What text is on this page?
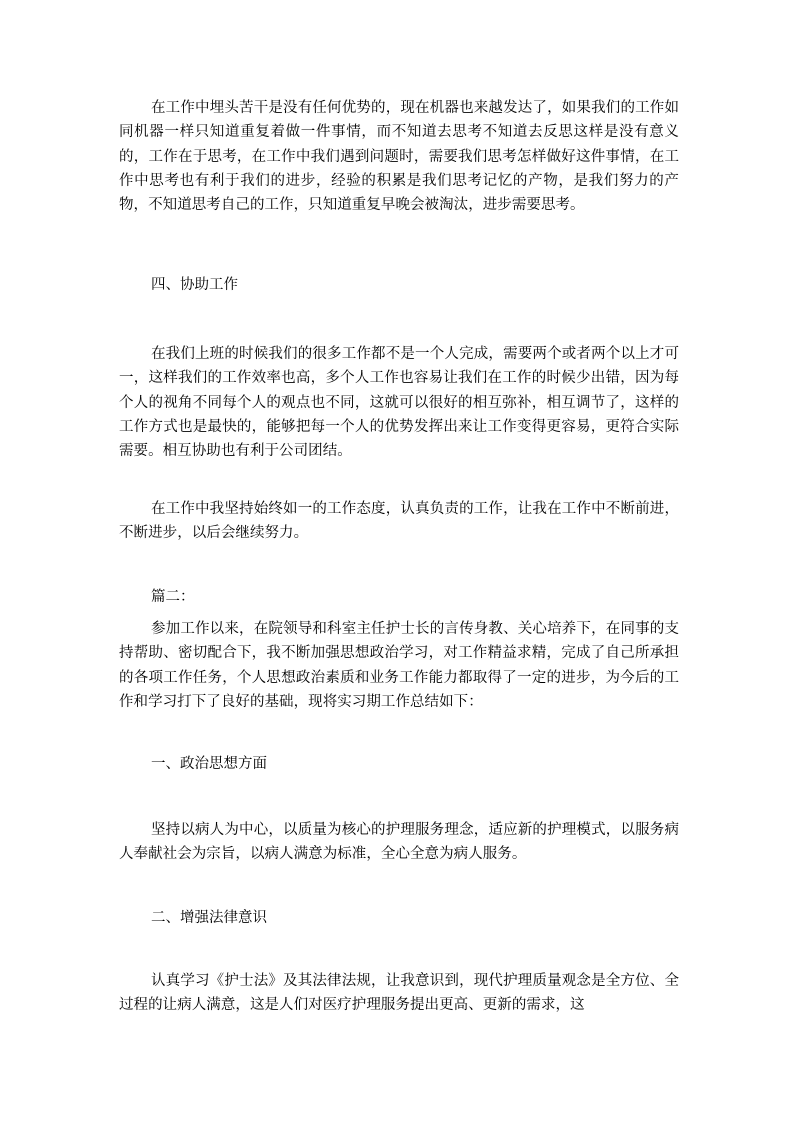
在工作中埋头苦干是没有任何优势的，现在机器也来越发达了，如果我们的工作如同机器一样只知道重复着做一件事情，而不知道去思考不知道去反思这样是没有意义的，工作在于思考，在工作中我们遇到问题时，需要我们思考怎样做好这件事情，在工作中思考也有利于我们的进步，经验的积累是我们思考记忆的产物，是我们努力的产物，不知道思考自己的工作，只知道重复早晚会被淘汰，进步需要思考。

四、协助工作

在我们上班的时候我们的很多工作都不是一个人完成，需要两个或者两个以上才可一，这样我们的工作效率也高，多个人工作也容易让我们在工作的时候少出错，因为每个人的视角不同每个人的观点也不同，这就可以很好的相互弥补，相互调节了，这样的工作方式也是最快的，能够把每一个人的优势发挥出来让工作变得更容易，更符合实际需要。相互协助也有利于公司团结。

在工作中我坚持始终如一的工作态度，认真负责的工作，让我在工作中不断前进，不断进步，以后会继续努力。

篇二：

参加工作以来，在院领导和科室主任护士长的言传身教、关心培养下，在同事的支持帮助、密切配合下，我不断加强思想政治学习，对工作精益求精，完成了自己所承担的各项工作任务，个人思想政治素质和业务工作能力都取得了一定的进步，为今后的工作和学习打下了良好的基础，现将实习期工作总结如下：

一、政治思想方面

坚持以病人为中心，以质量为核心的护理服务理念，适应新的护理模式，以服务病人奉献社会为宗旨，以病人满意为标准，全心全意为病人服务。

二、增强法律意识

认真学习《护士法》及其法律法规，让我意识到，现代护理质量观念是全方位、全过程的让病人满意，这是人们对医疗护理服务提出更高、更新的需求，这
